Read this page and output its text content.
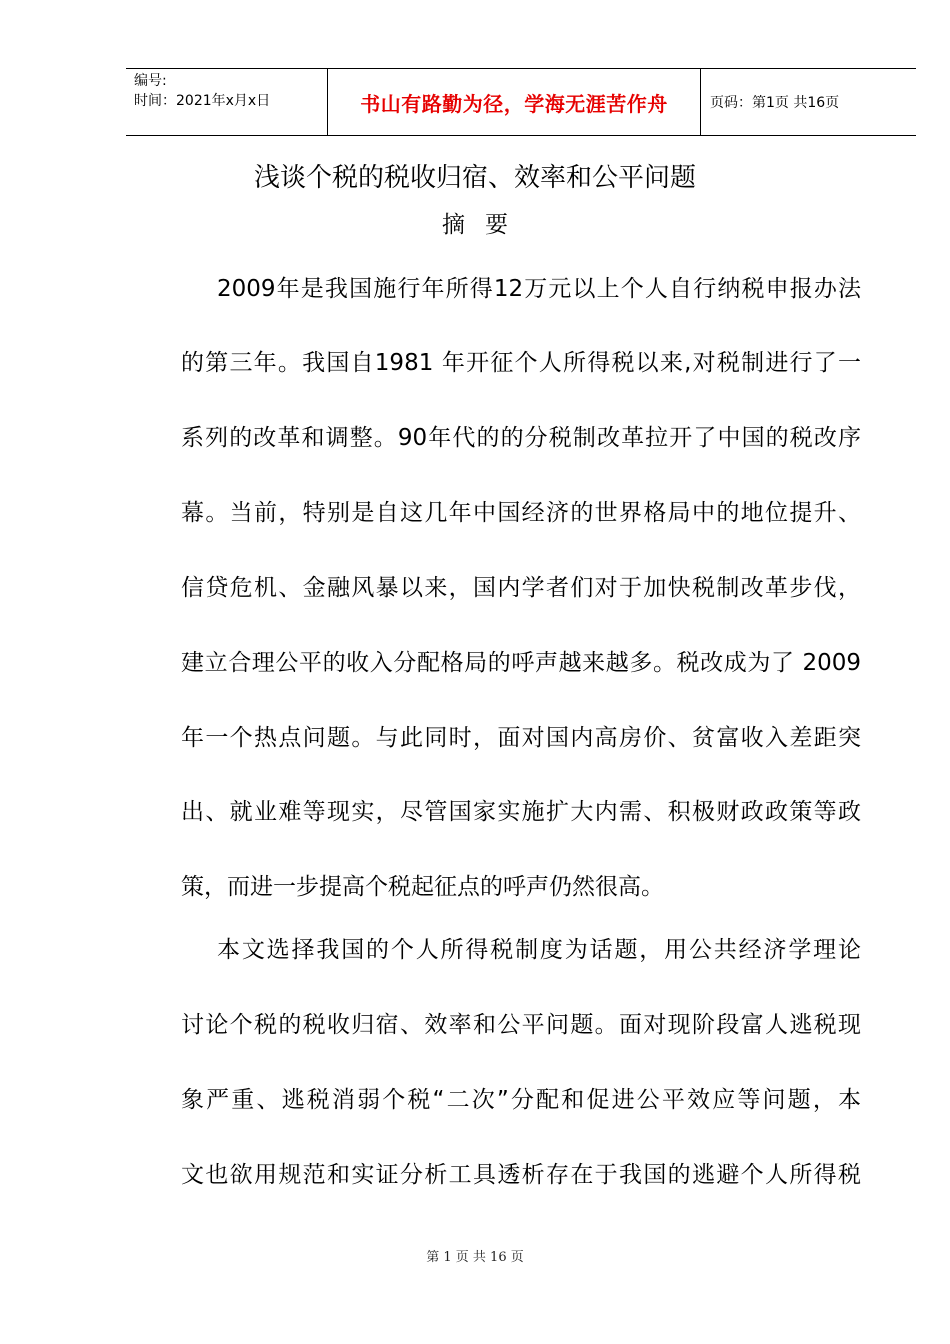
编号:
时间：2021年x月x日	书山有路勤为径，学海无涯苦作舟	页码：第1页 共16页
浅谈个税的税收归宿、效率和公平问题
摘要
2009年是我国施行年所得12万元以上个人自行纳税申报办法
的第三年。我国自1981 年开征个人所得税以来,对税制进行了一
系列的改革和调整。90年代的的分税制改革拉开了中国的税改序
幕。当前，特别是自这几年中国经济的世界格局中的地位提升、
信贷危机、金融风暴以来，国内学者们对于加快税制改革步伐，
建立合理公平的收入分配格局的呼声越来越多。税改成为了 2009
年一个热点问题。与此同时，面对国内高房价、贫富收入差距突
出、就业难等现实，尽管国家实施扩大内需、积极财政政策等政
策，而进一步提高个税起征点的呼声仍然很高。
本文选择我国的个人所得税制度为话题，用公共经济学理论
讨论个税的税收归宿、效率和公平问题。面对现阶段富人逃税现
象严重、逃税消弱个税“二次”分配和促进公平效应等问题，本
文也欲用规范和实证分析工具透析存在于我国的逃避个人所得税
第 1 页 共 16 页
